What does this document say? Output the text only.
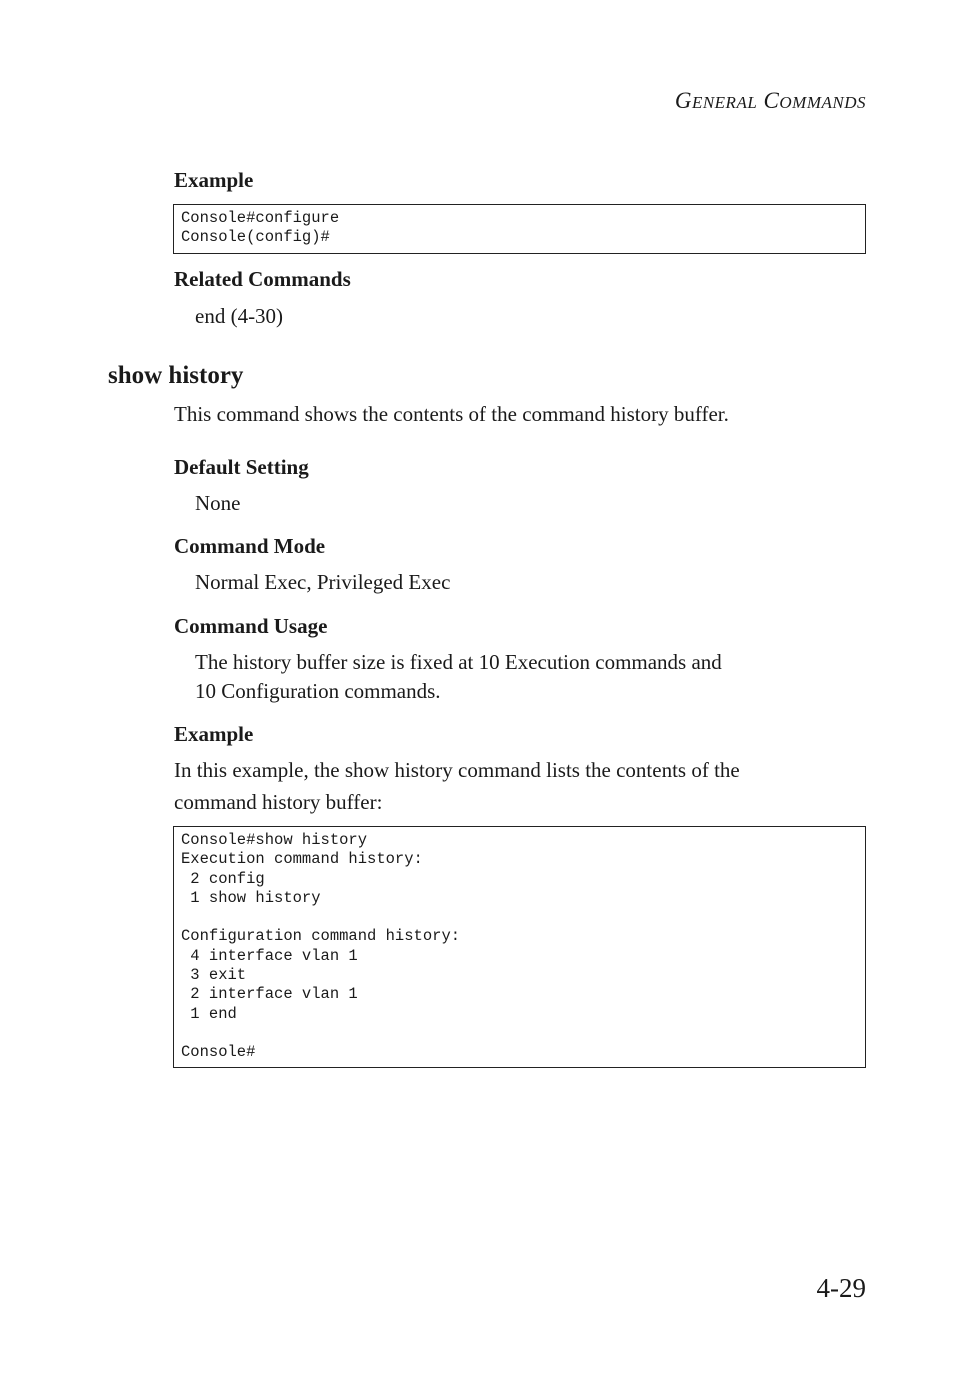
GENERAL COMMANDS
Example
Console#configure
Console(config)#
Related Commands
end (4-30)
show history
This command shows the contents of the command history buffer.
Default Setting
None
Command Mode
Normal Exec, Privileged Exec
Command Usage
The history buffer size is fixed at 10 Execution commands and
10 Configuration commands.
Example
In this example, the show history command lists the contents of the
command history buffer:
Console#show history
Execution command history:
2 config
1 show history

Configuration command history:
4 interface vlan 1
3 exit
2 interface vlan 1
1 end

Console#
4-29
